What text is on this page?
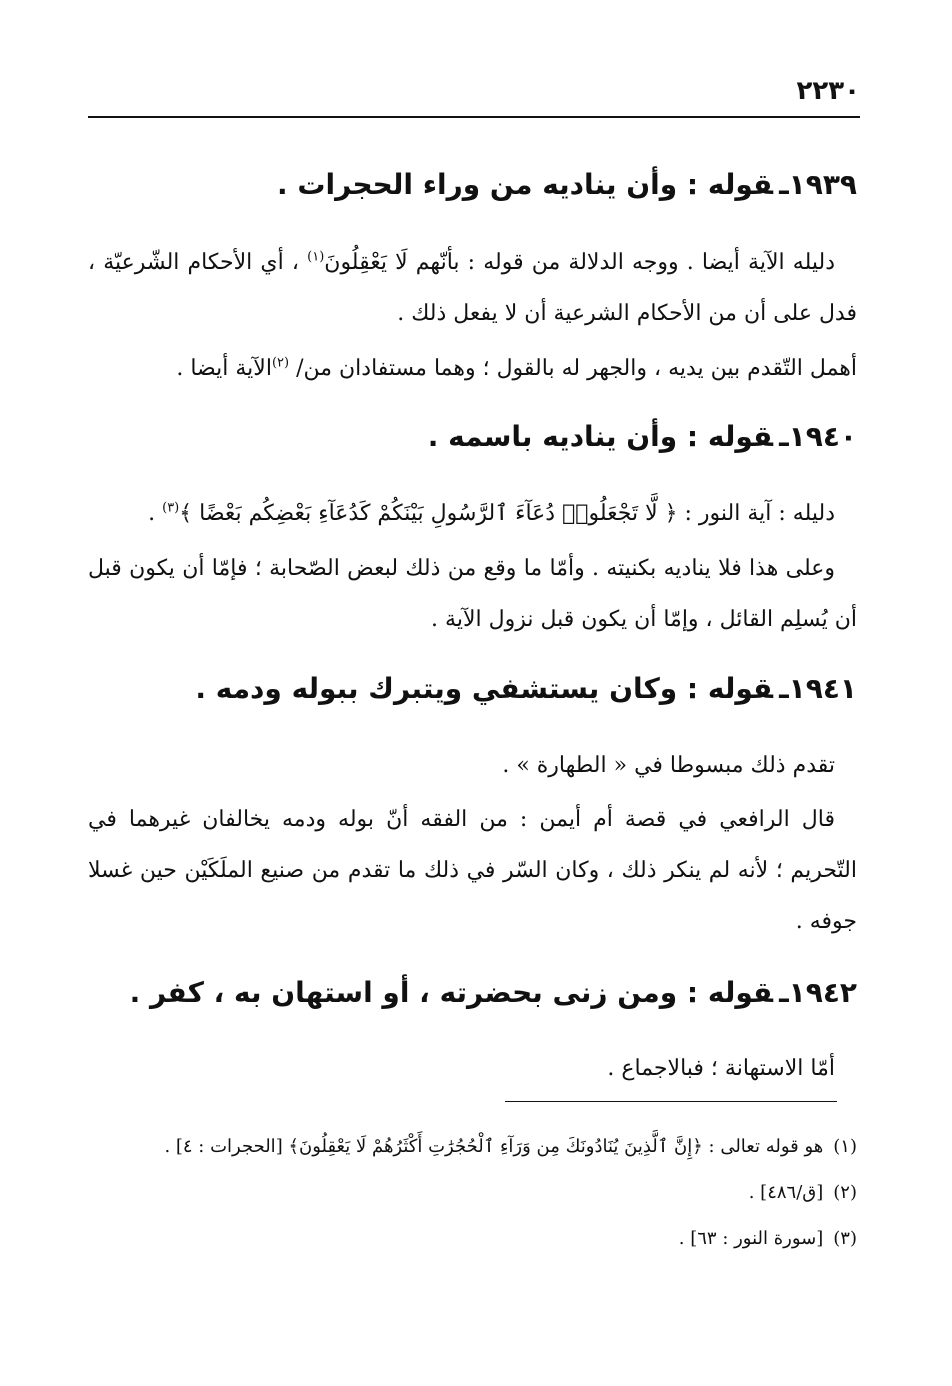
٢٢٣٠
١٩٣٩ـقوله : وأن يناديه من وراء الحجرات .
دليله الآية أيضا . ووجه الدلالة من قوله : بأنّهم لَا يَعْقِلُونَ$^{(١)}$ ، أي الأحكام الشّرعيّة ، فدل على أن من الأحكام الشرعية أن لا يفعل ذلك .
أهمل التّقدم بين يديه ، والجهر له بالقول ؛ وهما مستفادان من/ $^{(٢)}$الآية أيضا .
١٩٤٠ـقوله : وأن يناديه باسمه .
دليله : آية النور : ﴿ لَّا تَجْعَلُوا۟ دُعَآءَ ٱلرَّسُولِ بَيْنَكُمْ كَدُعَآءِ بَعْضِكُم بَعْضًا ﴾$^{(٣)}$ .
وعلى هذا فلا يناديه بكنيته . وأمّا ما وقع من ذلك لبعض الصّحابة ؛ فإمّا أن يكون قبل أن يُسلِم القائل ، وإمّا أن يكون قبل نزول الآية .
١٩٤١ـقوله : وكان يستشفي ويتبرك ببوله ودمه .
تقدم ذلك مبسوطا في « الطهارة » .
قال الرافعي في قصة أم أيمن : من الفقه أنّ بوله ودمه يخالفان غيرهما في التّحريم ؛ لأنه لم ينكر ذلك ، وكان السّر في ذلك ما تقدم من صنيع الملَكَيْن حين غسلا جوفه .
١٩٤٢ـقوله : ومن زنى بحضرته ، أو استهان به ، كفر .
أمّا الاستهانة ؛ فبالاجماع .
(١)هو قوله تعالى : ﴿إِنَّ ٱلَّذِينَ يُنَادُونَكَ مِن وَرَآءِ ٱلْحُجُرَٰتِ أَكْثَرُهُمْ لَا يَعْقِلُونَ﴾ [الحجرات : ٤] .
(٢)[ق/٤٨٦] .
(٣)[سورة النور : ٦٣] .
